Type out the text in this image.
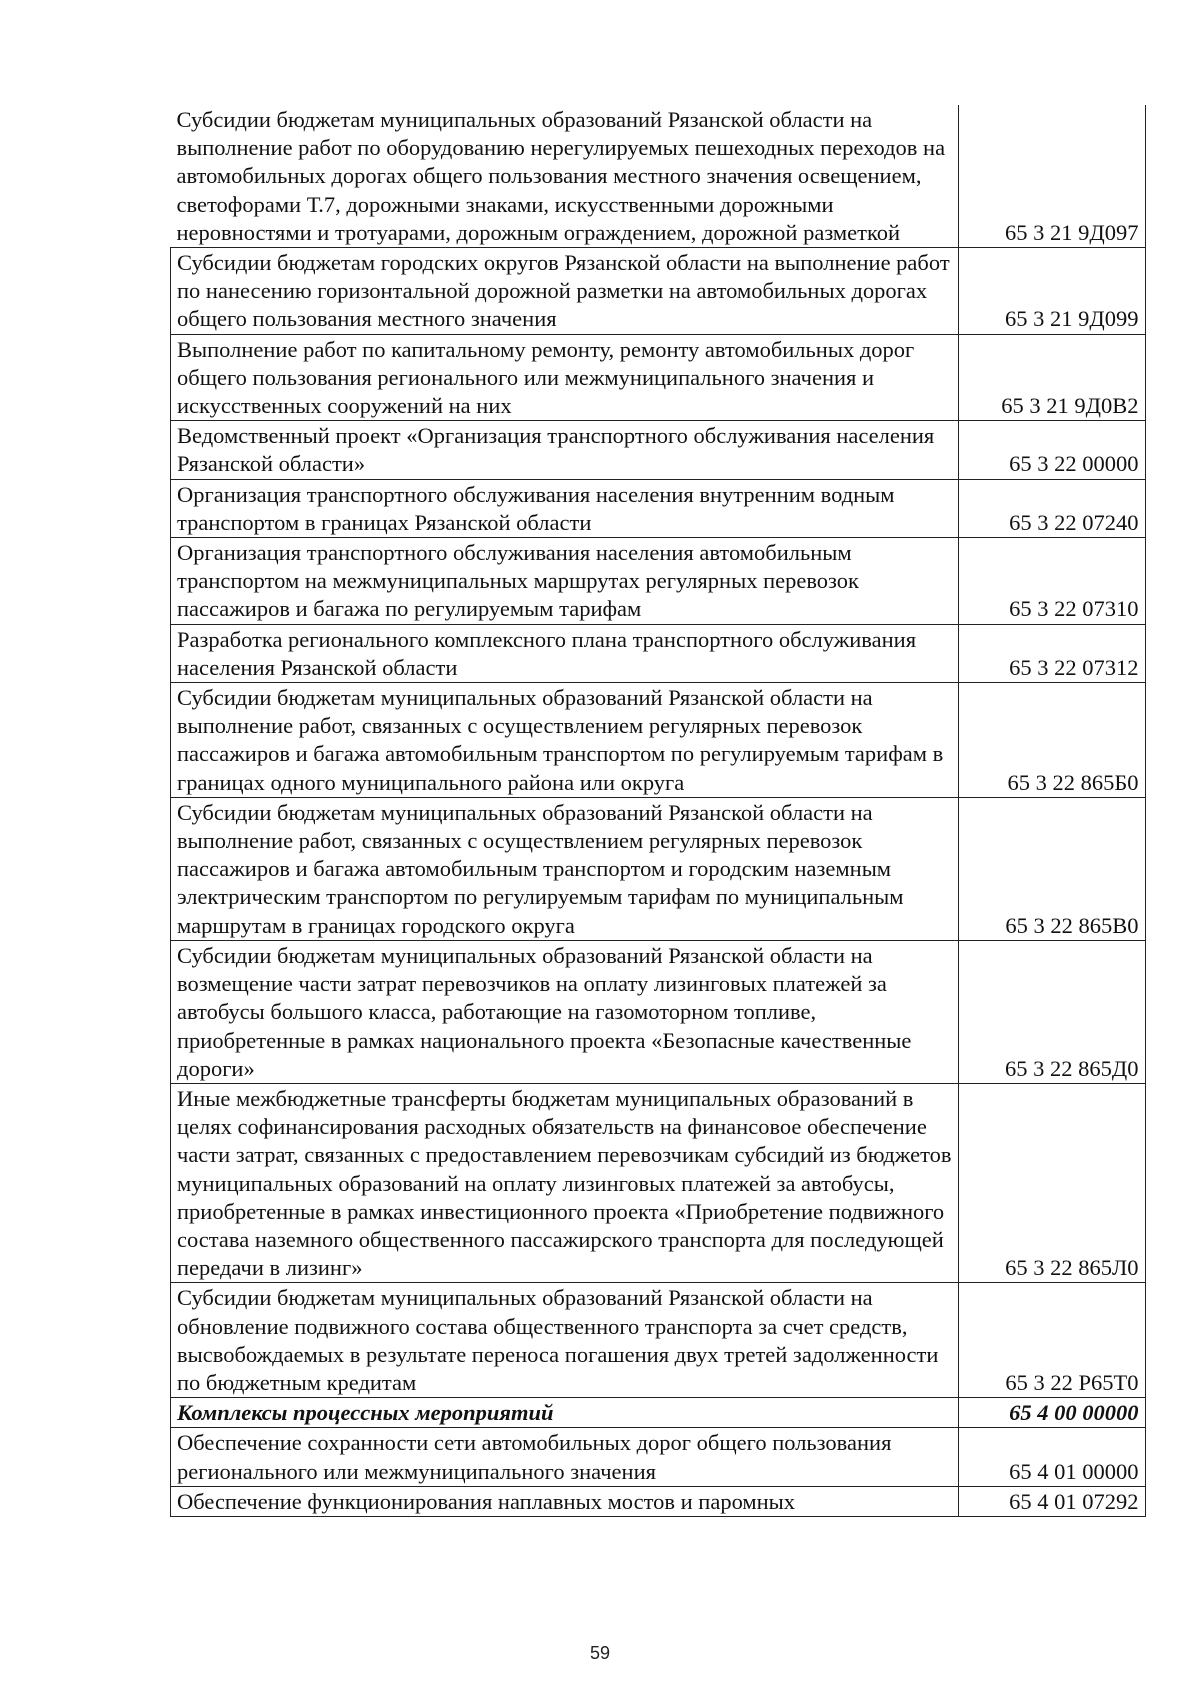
Субсидии бюджетам муниципальных образований Рязанской области на выполнение работ по оборудованию нерегулируемых пешеходных переходов на автомобильных дорогах общего пользования местного значения освещением, светофорами Т.7, дорожными знаками, искусственными дорожными неровностями и тротуарами, дорожным ограждением, дорожной разметкой	65 3 21 9Д097
Субсидии бюджетам городских округов Рязанской области на выполнение работ по нанесению горизонтальной дорожной разметки на автомобильных дорогах общего пользования местного значения	65 3 21 9Д099
Выполнение работ по капитальному ремонту, ремонту автомобильных дорог общего пользования регионального или межмуниципального значения и искусственных сооружений на них	65 3 21 9Д0В2
Ведомственный проект «Организация транспортного обслуживания населения Рязанской области»	65 3 22 00000
Организация транспортного обслуживания населения внутренним водным транспортом в границах Рязанской области	65 3 22 07240
Организация транспортного обслуживания населения автомобильным транспортом на межмуниципальных маршрутах регулярных перевозок пассажиров и багажа по регулируемым тарифам	65 3 22 07310
Разработка регионального комплексного плана транспортного обслуживания населения Рязанской области	65 3 22 07312
Субсидии бюджетам муниципальных образований Рязанской области на выполнение работ, связанных с осуществлением регулярных перевозок пассажиров и багажа автомобильным транспортом по регулируемым тарифам в границах одного муниципального района или округа	65 3 22 865Б0
Субсидии бюджетам муниципальных образований Рязанской области на выполнение работ, связанных с осуществлением регулярных перевозок пассажиров и багажа автомобильным транспортом и городским наземным электрическим транспортом по регулируемым тарифам по муниципальным маршрутам в границах городского округа	65 3 22 865В0
Субсидии бюджетам муниципальных образований Рязанской области на возмещение части затрат перевозчиков на оплату лизинговых платежей за автобусы большого класса, работающие на газомоторном топливе, приобретенные в рамках национального проекта «Безопасные качественные дороги»	65 3 22 865Д0
Иные межбюджетные трансферты бюджетам муниципальных образований в целях софинансирования расходных обязательств на финансовое обеспечение части затрат, связанных с предоставлением перевозчикам субсидий из бюджетов муниципальных образований на оплату лизинговых платежей за автобусы, приобретенные в рамках инвестиционного проекта «Приобретение подвижного состава наземного общественного пассажирского транспорта для последующей передачи в лизинг»	65 3 22 865Л0
Субсидии бюджетам муниципальных образований Рязанской области на обновление подвижного состава общественного транспорта за счет средств, высвобождаемых в результате переноса погашения двух третей задолженности по бюджетным кредитам	65 3 22 Р65Т0
Комплексы процессных мероприятий	65 4 00 00000
Обеспечение сохранности сети автомобильных дорог общего пользования регионального или межмуниципального значения	65 4 01 00000
Обеспечение функционирования наплавных мостов и паромных	65 4 01 07292
59
